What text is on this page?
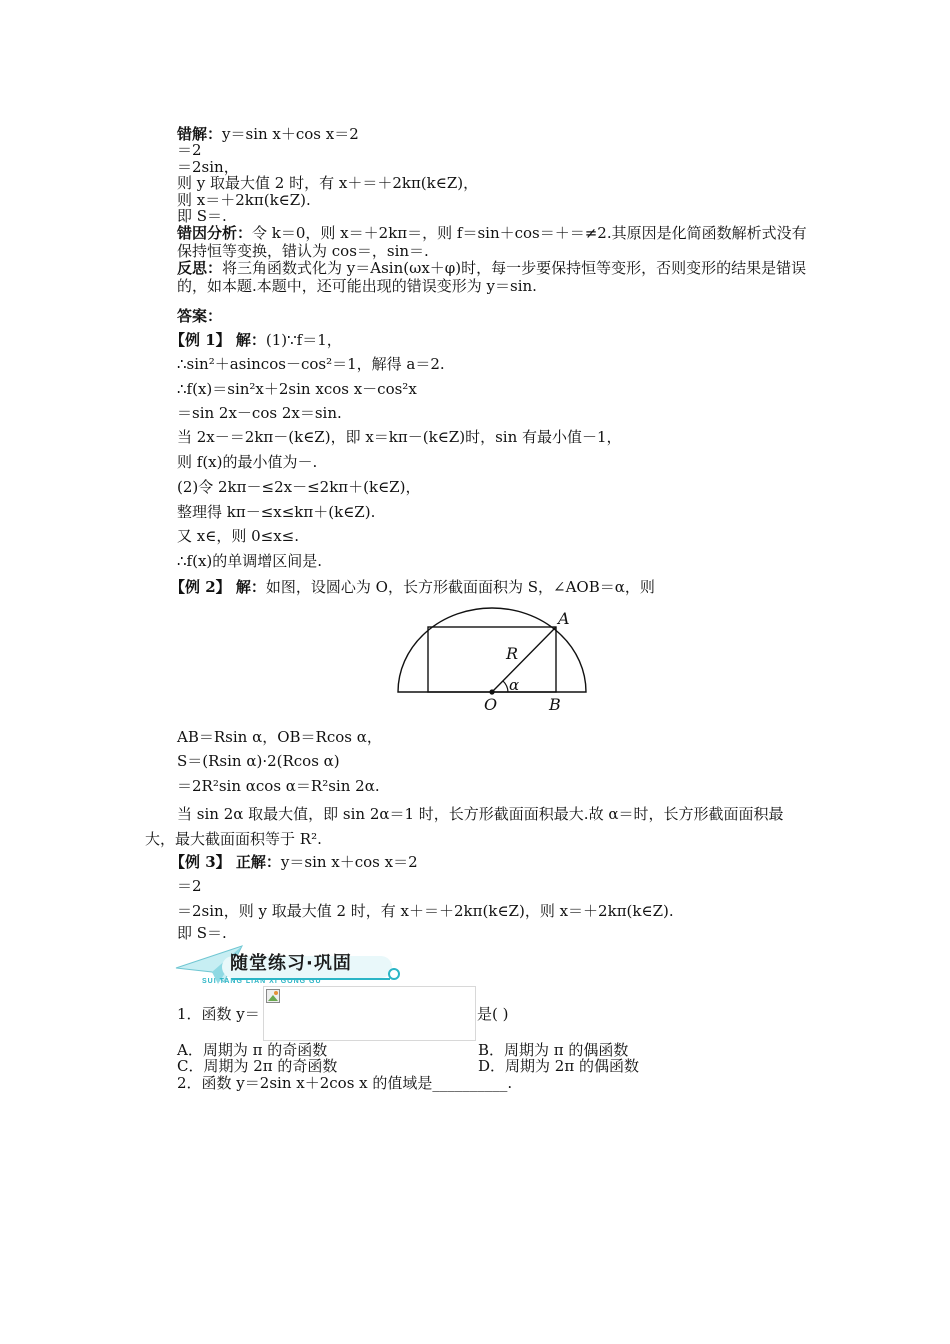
错解：y＝sin x＋cos x＝2
＝2
＝2sin，
则 y 取最大值 2 时，有 x＋＝＋2kπ(k∈Z)，
则 x＝＋2kπ(k∈Z).
即 S＝.
错因分析：令 k＝0，则 x＝＋2kπ＝，则 f＝sin＋cos＝＋＝≠2.其原因是化简函数解析式没有保持恒等变换，错认为 cos＝，sin＝.
反思：将三角函数式化为 y＝Asin(ωx＋φ)时，每一步要保持恒等变形，否则变形的结果是错误的，如本题.本题中，还可能出现的错误变形为 y＝sin.
答案：
【例 1】 解：(1)∵f＝1，
∴sin²＋asincos－cos²＝1，解得 a＝2.
∴f(x)＝sin²x＋2sin xcos x－cos²x
＝sin 2x－cos 2x＝sin.
当 2x－＝2kπ－(k∈Z)，即 x＝kπ－(k∈Z)时，sin 有最小值－1，
则 f(x)的最小值为－.
(2)令 2kπ－≤2x－≤2kπ＋(k∈Z)，
整理得 kπ－≤x≤kπ＋(k∈Z).
又 x∈，则 0≤x≤.
∴f(x)的单调增区间是.
【例 2】 解：如图，设圆心为 O，长方形截面面积为 S，∠AOB＝α，则
A
R
α
O	B
AB＝Rsin α，OB＝Rcos α，
S＝(Rsin α)·2(Rcos α)
＝2R²sin αcos α＝R²sin 2α.
当 sin 2α 取最大值，即 sin 2α＝1 时，长方形截面面积最大.故 α＝时，长方形截面面积最大，最大截面面积等于 R².
【例 3】 正解：y＝sin x＋cos x＝2
＝2
＝2sin，则 y 取最大值 2 时，有 x＋＝＋2kπ(k∈Z)，则 x＝＋2kπ(k∈Z).
即 S＝.
随堂练习·巩固
SUI TANG LIAN XI GONG GU
1．函数 y＝	是( )
A．周期为 π 的奇函数	B．周期为 π 的偶函数
C．周期为 2π 的奇函数	D．周期为 2π 的偶函数
2．函数 y＝2sin x＋2cos x 的值域是__________.
